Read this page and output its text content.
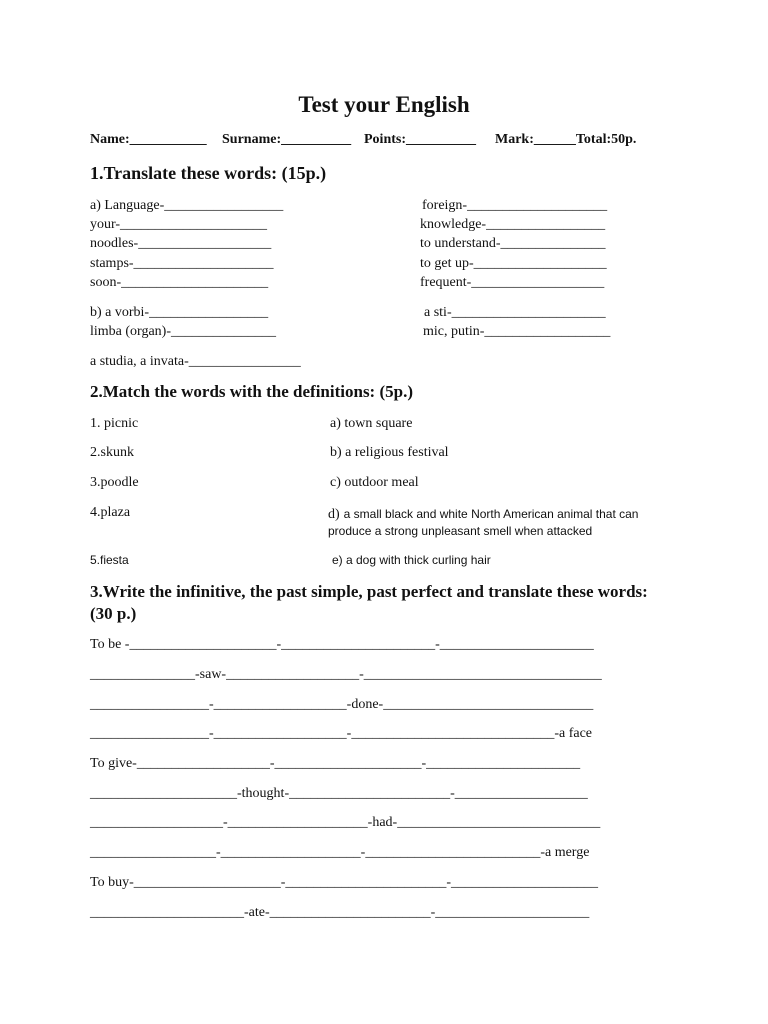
Test your English
Name:___________ Surname:__________ Points:__________ Mark:______Total:50p.
1.Translate these words: (15p.)
a) Language-_________________
your-_____________________
noodles-___________________
stamps-____________________
soon-_____________________
foreign-____________________
knowledge-_________________
to understand-_______________
to get up-___________________
frequent-___________________
b) a vorbi-_________________
limba (organ)-_______________
a sti-______________________
mic, putin-__________________
a studia, a invata-________________
2.Match the words with the definitions: (5p.)
1. picnic
2.skunk
3.poodle
4.plaza
5.fiesta
a) town square
b) a religious festival
c) outdoor meal
d) a small black and white North American animal that can
produce a strong unpleasant smell when attacked
e) a dog with thick curling hair
3.Write the infinitive, the past simple, past perfect and translate these words:
(30 p.)
To be -_____________________-______________________-______________________
_______________-saw-___________________-__________________________________
_________________-___________________-done-______________________________
_________________-___________________-_____________________________-a face
To give-___________________-_____________________-______________________
_____________________-thought-_______________________-___________________
___________________-____________________-had-_____________________________
__________________-____________________-_________________________-a merge
To buy-_____________________-_______________________-_____________________
______________________-ate-_______________________-______________________
